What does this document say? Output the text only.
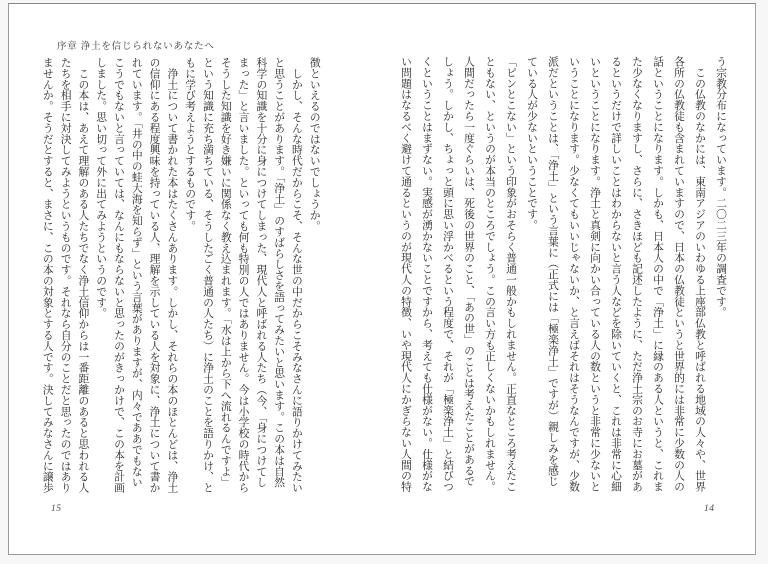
う宗教分布になっています。二〇二三年の調査です。
　この仏教のなかには、東南アジアのいわゆる上座部仏教と呼ばれる地域の人々や、世界
各所の仏教徒も含まれていますので、日本の仏教徒というと世界的には非常に少数の人の
話ということになります。しかも、日本人の中で「浄土」に縁のある人というと、これま
た少なくなりますし、さらに、さきほども記述したように、ただ浄土宗のお寺にお墓があ
るというだけで詳しいことはわからないと言う人などを除いていくと、これは非常に心細
いということになります。浄土と真剣に向かい合っている人の数というと非常に少ないと
いうことになります。少なくてもいいじゃないか、と言えばそれはそうなんですが、少数
派だということは、「浄土」という言葉に（正式には「極楽浄土」ですが）親しみを感じ
ている人が少ないということです。
「ピンとこない」という印象がおそらく普通一般かもしれません。正直なところ考えたこ
ともない、というのが本当のところでしょう。この言い方も正しくないかもしれません。
人間だったら一度ぐらいは、死後の世界のこと、「あの世」のことは考えたことがあるで
しょう。しかし、ちょっと頭に思い浮かべるという程度で、それが「極楽浄土」と結びつ
くということはまずない。実感が湧かないことですから、考えても仕様がない。仕様がな
い問題はなるべく避けて通るというのが現代人の特徴、いや現代人にかぎらない人間の特
14
序章 浄土を信じられないあなたへ
徴といえるのではないでしょうか。
　しかし、そんな時代だからこそ、そんな世の中だからこそみなさんに語りかけてみたい
と思うことがあります。「浄土」のすばらしさを語ってみたいと思います。この本は自然
科学の知識を十分に身につけてしまった、現代人と呼ばれる人たち（今、「身につけてし
まった」と言いました。といっても何も特別の人ではありません。今は小学校の時代から
そうした知識を好き嫌いに関係なく教え込まれます。「水は上から下へ流れるんですよ」
という知識に充ち満ちている、そうしたごく普通の人たち）に浄土のことを語りかけ、と
もに学び考えようとするものです。
　浄土について書かれた本はたくさんあります。しかし、それらの本のほとんどは、浄土
の信仰にある程度興味を持っている人、理解を示している人を対象に、浄土について書か
れています。「井の中の蛙大海を知らず」という言葉がありますが、内々でああでもない
こうでもないと言っていては、なんにもならないと思ったのがきっかけで、この本を計画
しました。思い切って外に出てみようというのです。
　この本は、あえて理解のある人たちでなく浄土信仰からは一番距離のあると思われる人
たちを相手に対決してみようというものです。それなら自分のことだと思ったのではあり
ませんか。そうだとすると、まさに、この本の対象とする人です。決してみなさんに譲歩
15
